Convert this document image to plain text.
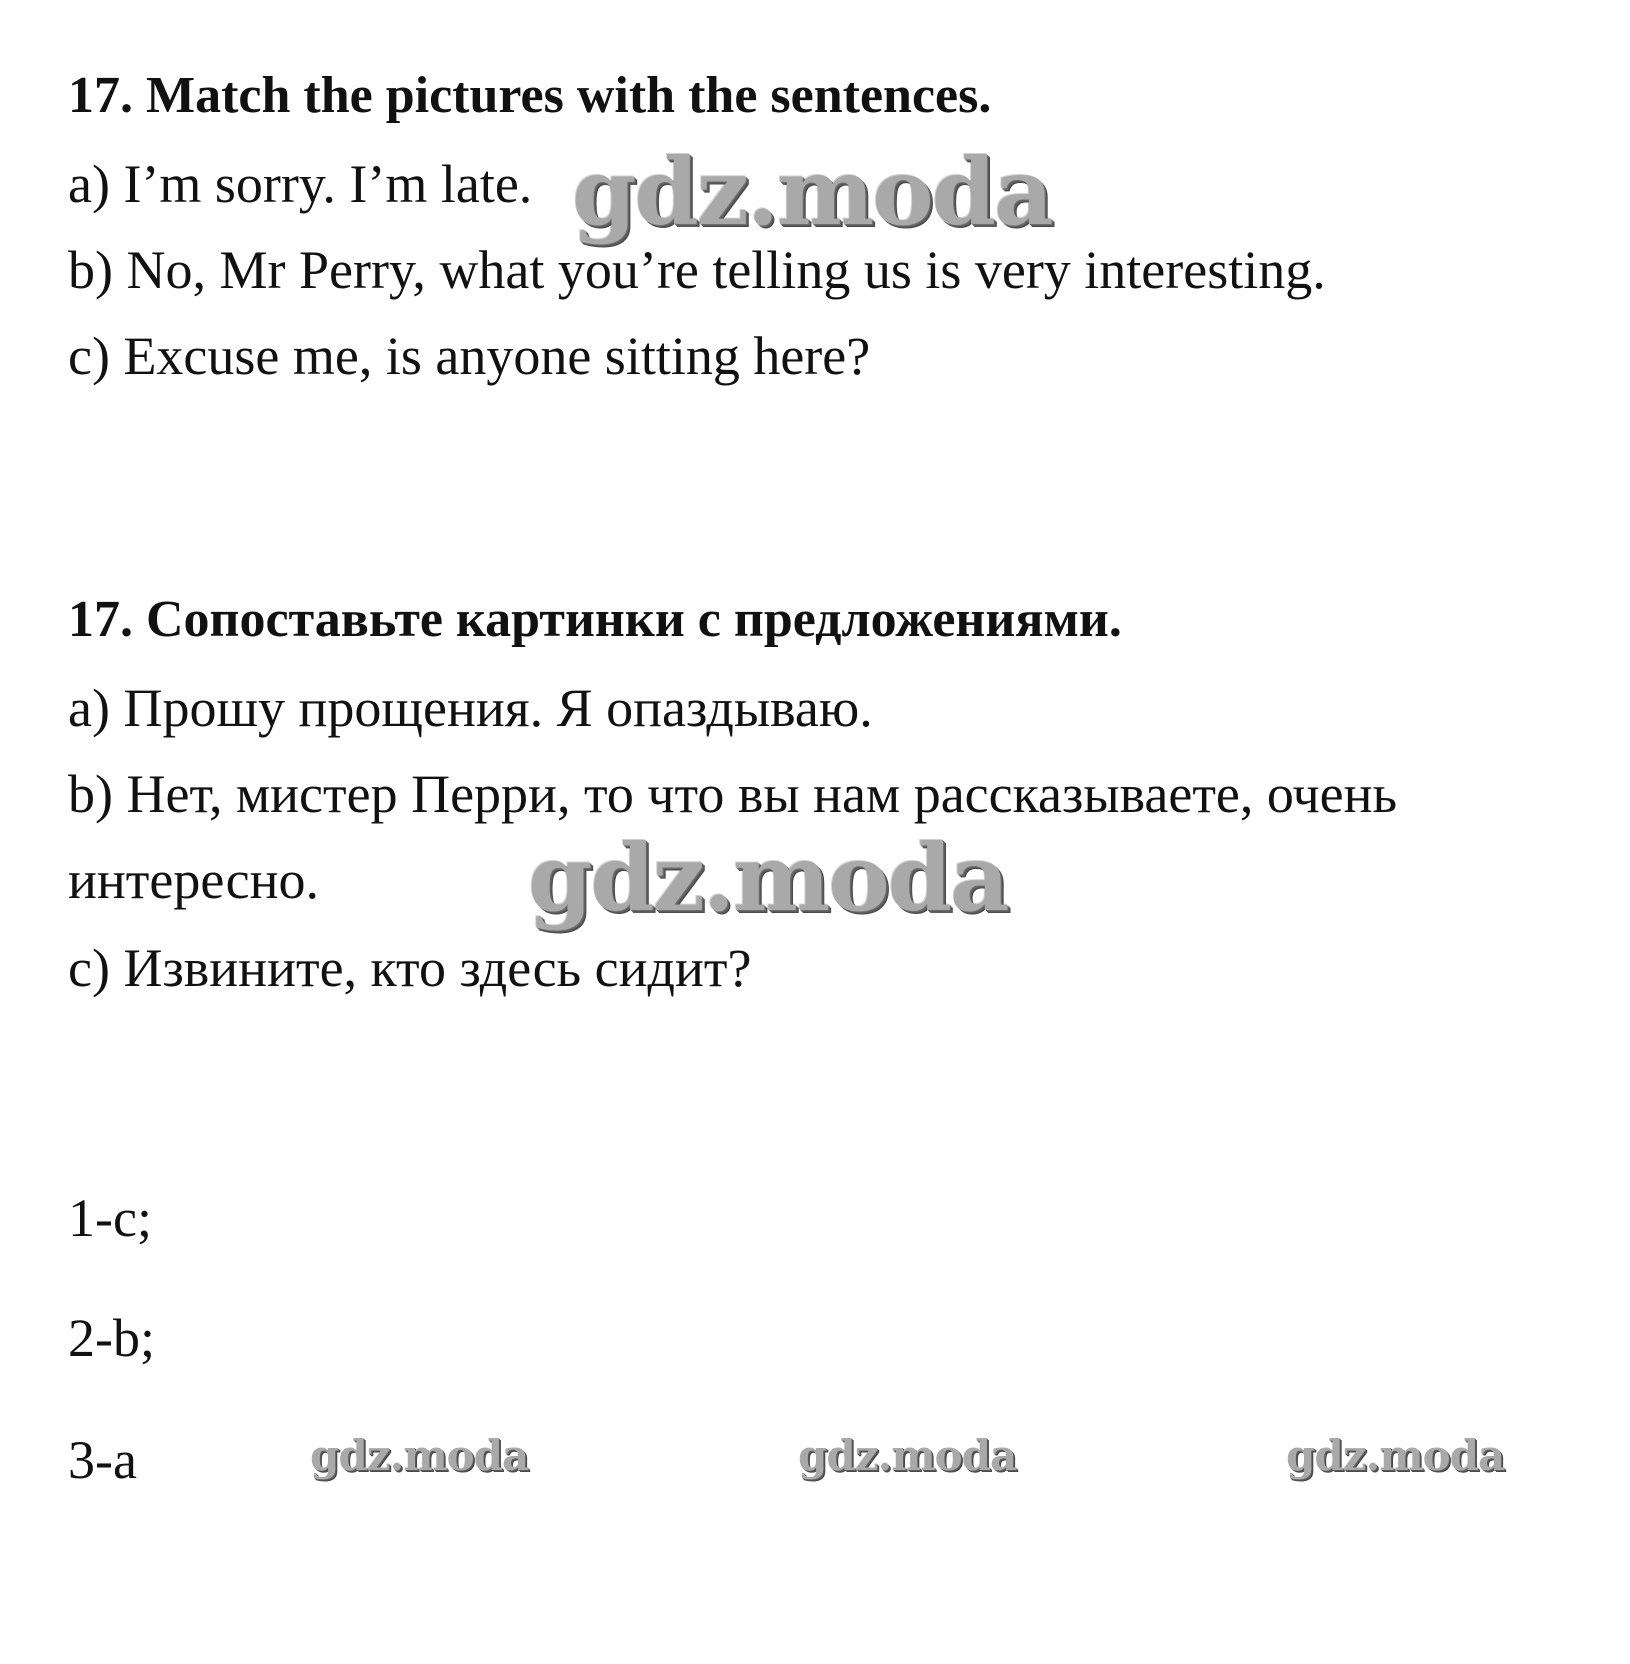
17. Match the pictures with the sentences.
a) I’m sorry. I’m late.
b) No, Mr Perry, what you’re telling us is very interesting.
c) Excuse me, is anyone sitting here?
17. Сопоставьте картинки с предложениями.
a) Прошу прощения. Я опаздываю.
b) Нет, мистер Перри, то что вы нам рассказываете, очень
интересно.
c) Извините, кто здесь сидит?
1-c;
2-b;
3-a
gdz.moda
gdz.moda
gdz.moda	gdz.moda	gdz.moda
